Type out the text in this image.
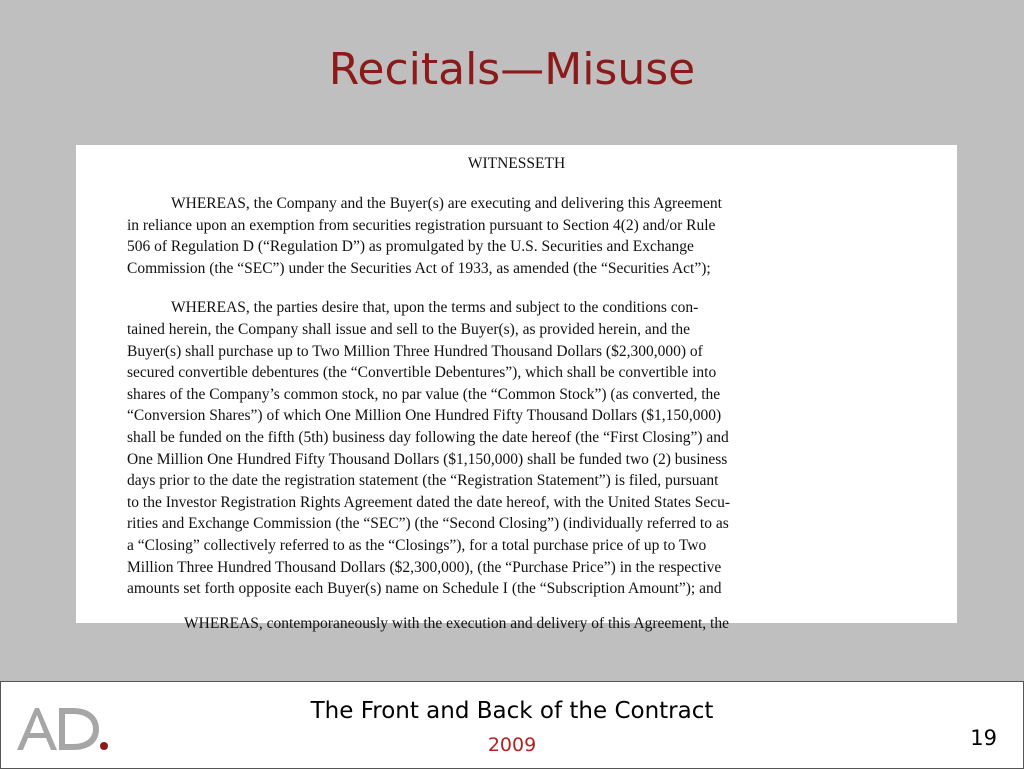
Recitals—Misuse
WITNESSETH
WHEREAS, the Company and the Buyer(s) are executing and delivering this Agreement
in reliance upon an exemption from securities registration pursuant to Section 4(2) and/or Rule
506 of Regulation D (“Regulation D”) as promulgated by the U.S. Securities and Exchange
Commission (the “SEC”) under the Securities Act of 1933, as amended (the “Securities Act”);
WHEREAS, the parties desire that, upon the terms and subject to the conditions con-
tained herein, the Company shall issue and sell to the Buyer(s), as provided herein, and the
Buyer(s) shall purchase up to Two Million Three Hundred Thousand Dollars ($2,300,000) of
secured convertible debentures (the “Convertible Debentures”), which shall be convertible into
shares of the Company’s common stock, no par value (the “Common Stock”) (as converted, the
“Conversion Shares”) of which One Million One Hundred Fifty Thousand Dollars ($1,150,000)
shall be funded on the fifth (5th) business day following the date hereof (the “First Closing”) and
One Million One Hundred Fifty Thousand Dollars ($1,150,000) shall be funded two (2) business
days prior to the date the registration statement (the “Registration Statement”) is filed, pursuant
to the Investor Registration Rights Agreement dated the date hereof, with the United States Secu-
rities and Exchange Commission (the “SEC”) (the “Second Closing”) (individually referred to as
a “Closing” collectively referred to as the “Closings”), for a total purchase price of up to Two
Million Three Hundred Thousand Dollars ($2,300,000), (the “Purchase Price”) in the respective
amounts set forth opposite each Buyer(s) name on Schedule I (the “Subscription Amount”); and
WHEREAS, contemporaneously with the execution and delivery of this Agreement, the
The Front and Back of the Contract
2009	19
